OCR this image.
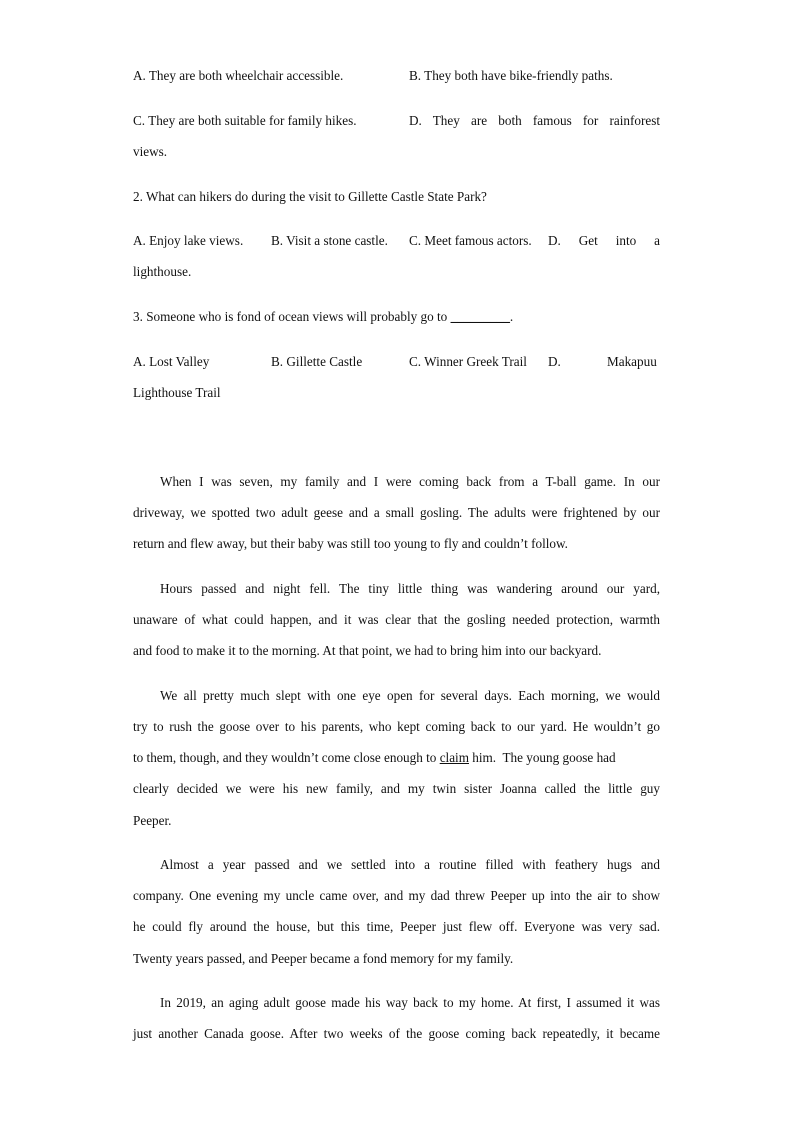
A. They are both wheelchair accessible.	B. They both have bike-friendly paths.
C. They are both suitable for family hikes.	D. They are both famous for rainforest
views.
2. What can hikers do during the visit to Gillette Castle State Park?
A. Enjoy lake views. B. Visit a stone castle. C. Meet famous actors. D. Get into a
lighthouse.
3. Someone who is fond of ocean views will probably go to _________.
A. Lost Valley	B. Gillette Castle	C. Winner Greek Trail D.	Makapuu
Lighthouse Trail
When I was seven, my family and I were coming back from a T-ball game. In our
driveway, we spotted two adult geese and a small gosling. The adults were frightened by our
return and flew away, but their baby was still too young to fly and couldn’t follow.
Hours passed and night fell. The tiny little thing was wandering around our yard,
unaware of what could happen, and it was clear that the gosling needed protection, warmth
and food to make it to the morning. At that point, we had to bring him into our backyard.
We all pretty much slept with one eye open for several days. Each morning, we would
try to rush the goose over to his parents, who kept coming back to our yard. He wouldn’t go
to them, though, and they wouldn’t come close enough to claim him.  The young goose had
clearly decided we were his new family, and my twin sister Joanna called the little guy
Peeper.
Almost a year passed and we settled into a routine filled with feathery hugs and
company. One evening my uncle came over, and my dad threw Peeper up into the air to show
he could fly around the house, but this time, Peeper just flew off. Everyone was very sad.
Twenty years passed, and Peeper became a fond memory for my family.
In 2019, an aging adult goose made his way back to my home. At first, I assumed it was
just another Canada goose. After two weeks of the goose coming back repeatedly, it became
